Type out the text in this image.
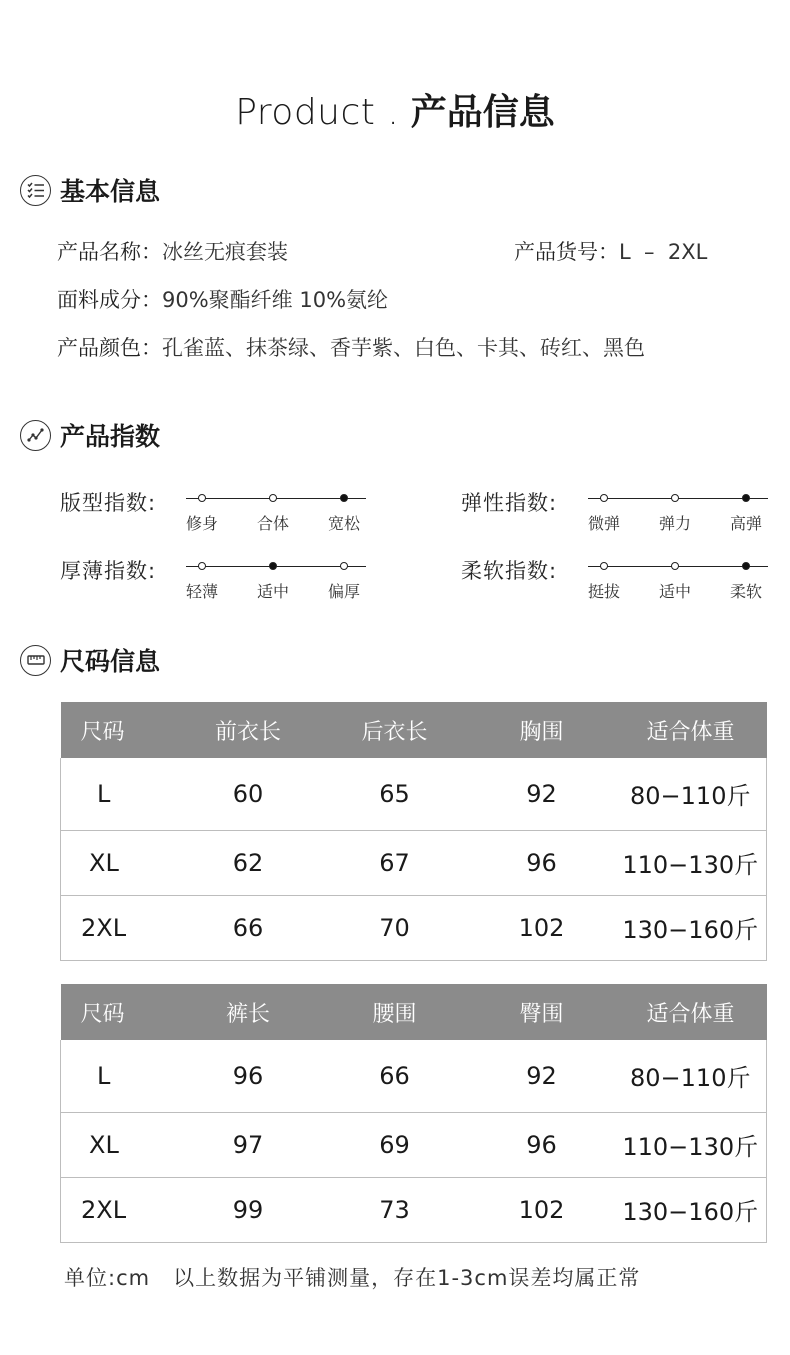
Product . 产品信息
基本信息
产品名称：冰丝无痕套装	产品货号：L  –  2XL
面料成分：90%聚酯纤维 10%氨纶
产品颜色：孔雀蓝、抹茶绿、香芋紫、白色、卡其、砖红、黑色
产品指数
版型指数:
修身 合体 宽松
弹性指数:
微弹 弹力 高弹
厚薄指数:
轻薄 适中 偏厚
柔软指数:
挺拔 适中 柔软
尺码信息
尺码	前衣长	后衣长	胸围	适合体重
L	60	65	92	80−110斤
XL	62	67	96	110−130斤
2XL	66	70	102	130−160斤
尺码	裤长	腰围	臀围	适合体重
L	96	66	92	80−110斤
XL	97	69	96	110−130斤
2XL	99	73	102	130−160斤
单位:cm   以上数据为平铺测量，存在1-3cm误差均属正常
